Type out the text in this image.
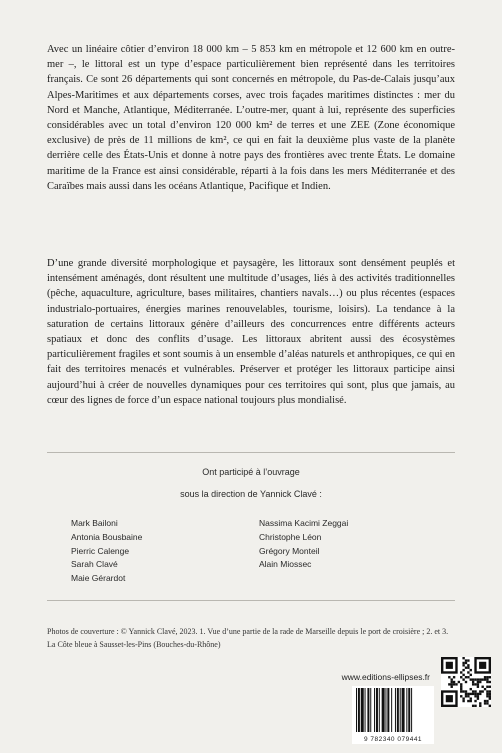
Avec un linéaire côtier d’environ 18 000 km – 5 853 km en métropole et 12 600 km en outre-mer –, le littoral est un type d’espace particulièrement bien représenté dans les territoires français. Ce sont 26 départements qui sont concernés en métropole, du Pas-de-Calais jusqu’aux Alpes-Maritimes et aux départements corses, avec trois façades maritimes distinctes : mer du Nord et Manche, Atlantique, Méditerranée. L’outre-mer, quant à lui, représente des superficies considérables avec un total d’environ 120 000 km² de terres et une ZEE (Zone économique exclusive) de près de 11 millions de km², ce qui en fait la deuxième plus vaste de la planète derrière celle des États-Unis et donne à notre pays des frontières avec trente États. Le domaine maritime de la France est ainsi considérable, réparti à la fois dans les mers Méditerranée et des Caraïbes mais aussi dans les océans Atlantique, Pacifique et Indien.

D’une grande diversité morphologique et paysagère, les littoraux sont densément peuplés et intensément aménagés, dont résultent une multitude d’usages, liés à des activités traditionnelles (pêche, aquaculture, agriculture, bases militaires, chantiers navals…) ou plus récentes (espaces industrialo-portuaires, énergies marines renouvelables, tourisme, loisirs). La tendance à la saturation de certains littoraux génère d’ailleurs des concurrences entre différents acteurs spatiaux et donc des conflits d’usage. Les littoraux abritent aussi des écosystèmes particulièrement fragiles et sont soumis à un ensemble d’aléas naturels et anthropiques, ce qui en fait des territoires menacés et vulnérables. Préserver et protéger les littoraux participe ainsi aujourd’hui à créer de nouvelles dynamiques pour ces territoires qui sont, plus que jamais, au cœur des lignes de force d’un espace national toujours plus mondialisé.

Ont participé à l’ouvrage
sous la direction de Yannick Clavé :
Mark Bailoni
Antonia Bousbaine
Pierric Calenge
Sarah Clavé
Maie Gérardot
Nassima Kacimi Zeggai
Christophe Léon
Grégory Monteil
Alain Miossec

Photos de couverture : © Yannick Clavé, 2023. 1. Vue d’une partie de la rade de Marseille depuis le port de croisière ; 2. et 3. La Côte bleue à Sausset-les-Pins (Bouches-du-Rhône)

www.editions-ellipses.fr
9 782340 079441
